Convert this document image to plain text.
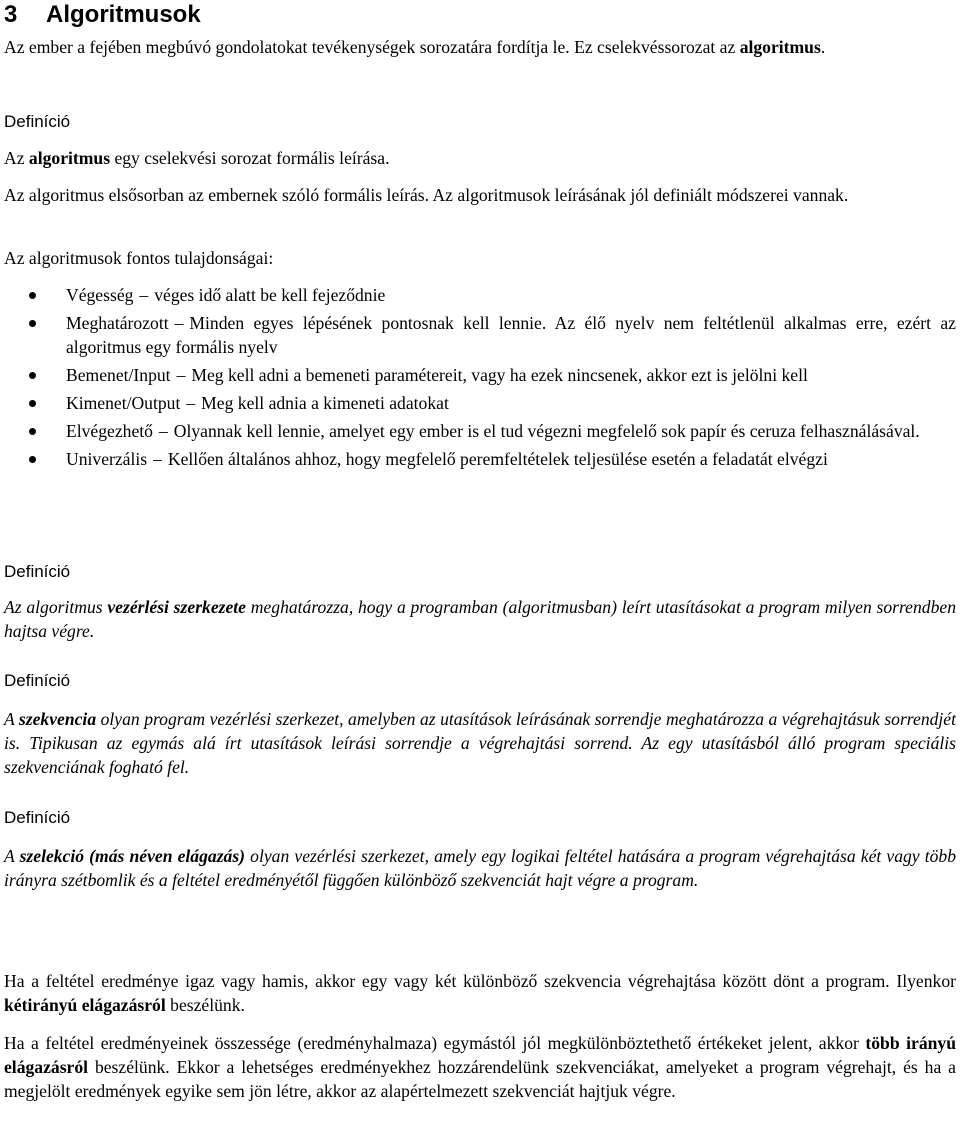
3 Algoritmusok
Az ember a fejében megbúvó gondolatokat tevékenységek sorozatára fordítja le. Ez cselekvéssorozat az algoritmus.
Definíció
Az algoritmus egy cselekvési sorozat formális leírása.
Az algoritmus elsősorban az embernek szóló formális leírás. Az algoritmusok leírásának jól definiált módszerei vannak.
Az algoritmusok fontos tulajdonságai:
Végesség – véges idő alatt be kell fejeződnie
Meghatározott – Minden egyes lépésének pontosnak kell lennie. Az élő nyelv nem feltétlenül alkalmas erre, ezért az algoritmus egy formális nyelv
Bemenet/Input – Meg kell adni a bemeneti paramétereit, vagy ha ezek nincsenek, akkor ezt is jelölni kell
Kimenet/Output – Meg kell adnia a kimeneti adatokat
Elvégezhető – Olyannak kell lennie, amelyet egy ember is el tud végezni megfelelő sok papír és ceruza felhasználásával.
Univerzális – Kellően általános ahhoz, hogy megfelelő peremfeltételek teljesülése esetén a feladatát elvégzi
Definíció
Az algoritmus vezérlési szerkezete meghatározza, hogy a programban (algoritmusban) leírt utasításokat a program milyen sorrendben hajtsa végre.
Definíció
A szekvencia olyan program vezérlési szerkezet, amelyben az utasítások leírásának sorrendje meghatározza a végrehajtásuk sorrendjét is. Tipikusan az egymás alá írt utasítások leírási sorrendje a végrehajtási sorrend. Az egy utasításból álló program speciális szekvenciának fogható fel.
Definíció
A szelekció (más néven elágazás) olyan vezérlési szerkezet, amely egy logikai feltétel hatására a program végrehajtása két vagy több irányra szétbomlik és a feltétel eredményétől függően különböző szekvenciát hajt végre a program.
Ha a feltétel eredménye igaz vagy hamis, akkor egy vagy két különböző szekvencia végrehajtása között dönt a program. Ilyenkor kétirányú elágazásról beszélünk.
Ha a feltétel eredményeinek összessége (eredményhalmaza) egymástól jól megkülönböztethető értékeket jelent, akkor több irányú elágazásról beszélünk. Ekkor a lehetséges eredményekhez hozzárendelünk szekvenciákat, amelyeket a program végrehajt, és ha a megjelölt eredmények egyike sem jön létre, akkor az alapértelmezett szekvenciát hajtjuk végre.
